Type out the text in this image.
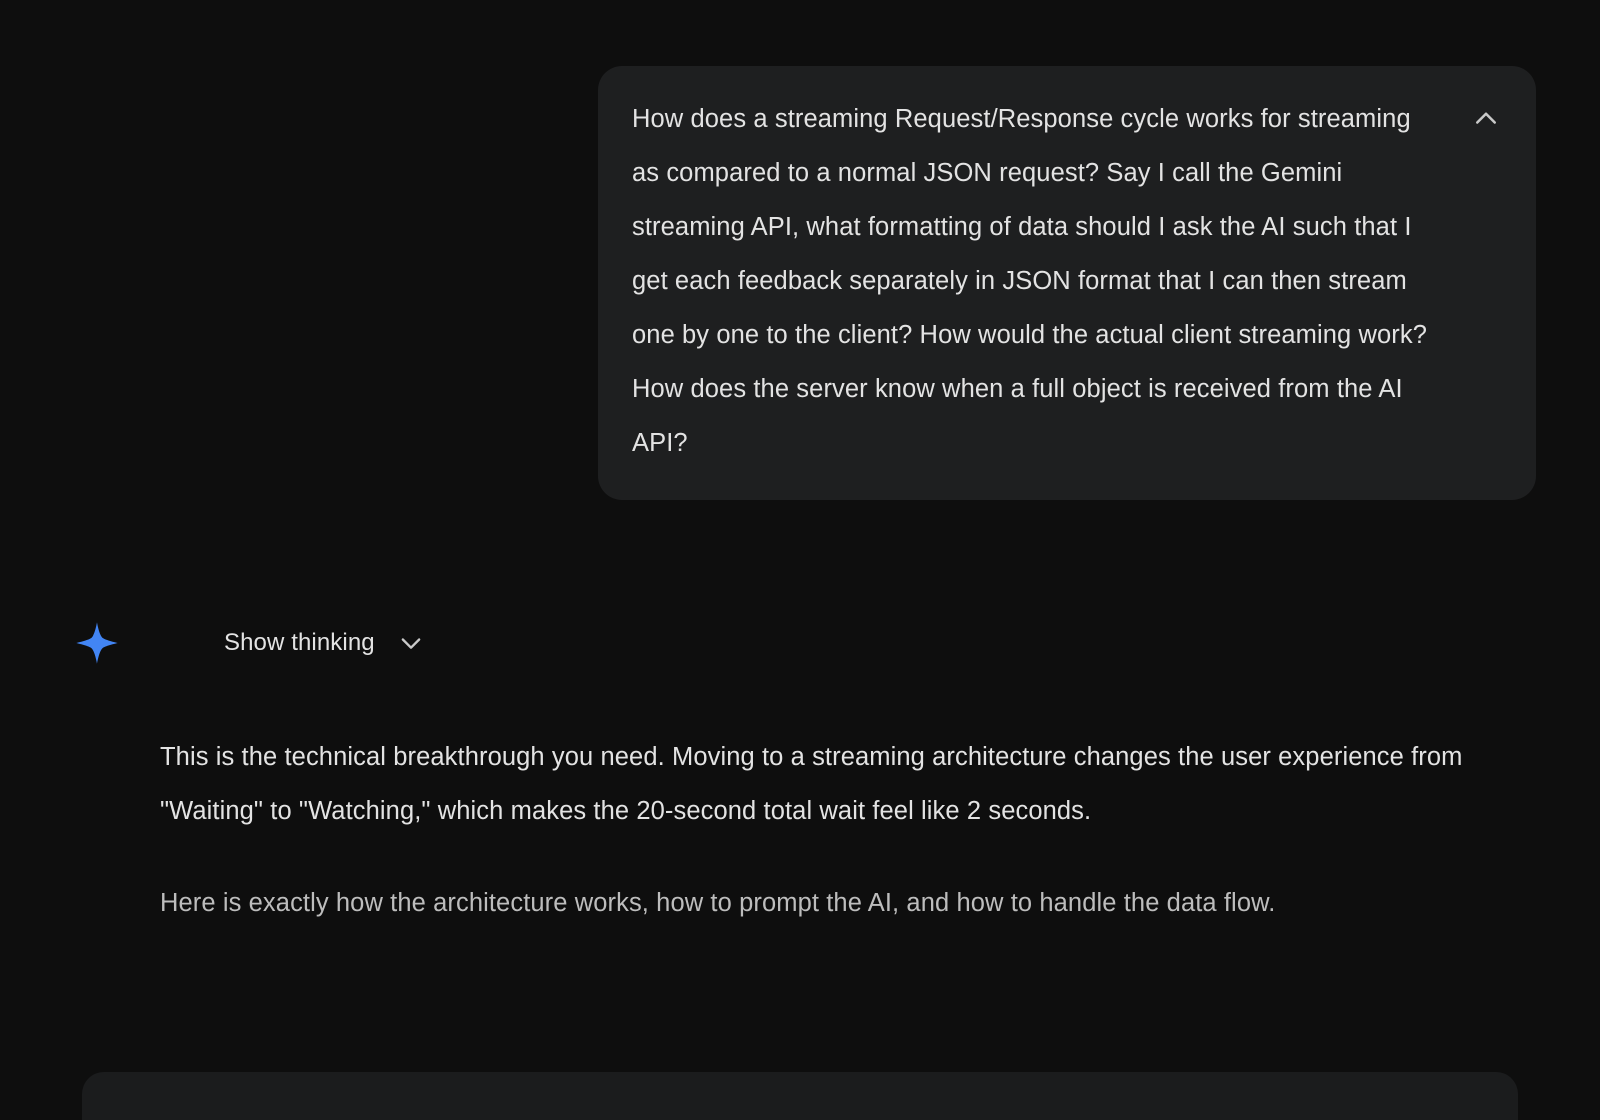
How does a streaming Request/Response cycle works for streaming as compared to a normal JSON request? Say I call the Gemini streaming API, what formatting of data should I ask the AI such that I get each feedback separately in JSON format that I can then stream one by one to the client? How would the actual client streaming work? How does the server know when a full object is received from the AI API?
Show thinking

This is the technical breakthrough you need. Moving to a streaming architecture changes the user experience from "Waiting" to "Watching," which makes the 20-second total wait feel like 2 seconds.

Here is exactly how the architecture works, how to prompt the AI, and how to handle the data flow.
